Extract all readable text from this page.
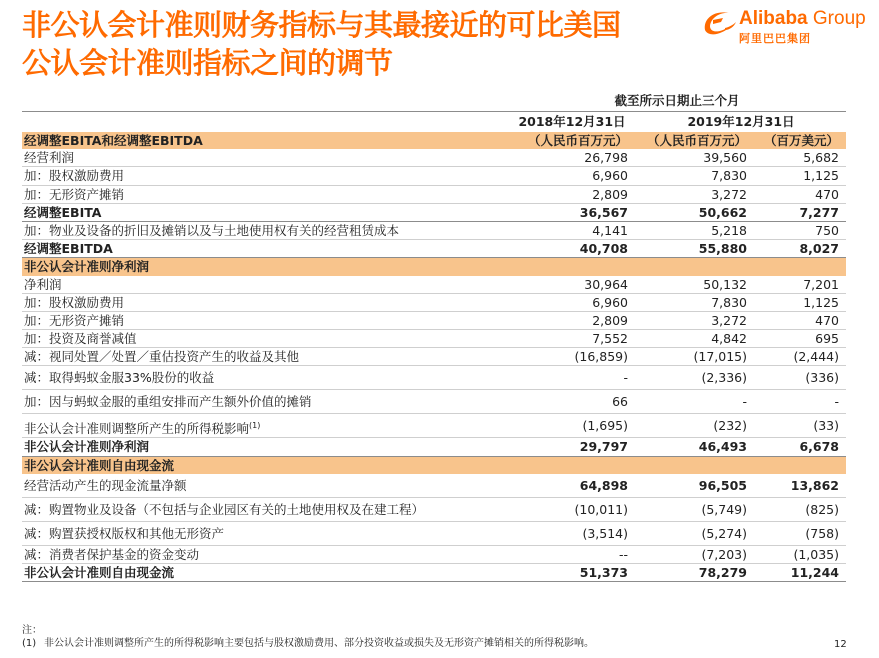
非公认会计准则财务指标与其最接近的可比美国
公认会计准则指标之间的调节
Alibaba Group
阿里巴巴集团
截至所示日期止三个月
2018年12月31日	2019年12月31日
经调整EBITA和经调整EBITDA	（人民币百万元）	（人民币百万元）	（百万美元）
经营利润	26,798	39,560	5,682
加：股权激励费用	6,960	7,830	1,125
加：无形资产摊销	2,809	3,272	470
经调整EBITA	36,567	50,662	7,277
加：物业及设备的折旧及摊销以及与土地使用权有关的经营租赁成本	4,141	5,218	750
经调整EBITDA	40,708	55,880	8,027
非公认会计准则净利润
净利润	30,964	50,132	7,201
加：股权激励费用	6,960	7,830	1,125
加：无形资产摊销	2,809	3,272	470
加：投资及商誉减值	7,552	4,842	695
减：视同处置／处置／重估投资产生的收益及其他	(16,859)	(17,015)	(2,444)
减：取得蚂蚁金服33%股份的收益	-	(2,336)	(336)
加：因与蚂蚁金服的重组安排而产生额外价值的摊销	66	-	-
非公认会计准则调整所产生的所得税影响$^{(1)}$	(1,695)	(232)	(33)
非公认会计准则净利润	29,797	46,493	6,678
非公认会计准则自由现金流
经营活动产生的现金流量净额	64,898	96,505	13,862
减：购置物业及设备（不包括与企业园区有关的土地使用权及在建工程）	(10,011)	(5,749)	(825)
减：购置获授权版权和其他无形资产	(3,514)	(5,274)	(758)
减：消费者保护基金的资金变动	--	(7,203)	(1,035)
非公认会计准则自由现金流	51,373	78,279	11,244
注：
(1) 非公认会计准则调整所产生的所得税影响主要包括与股权激励费用、部分投资收益或损失及无形资产摊销相关的所得税影响。	12
